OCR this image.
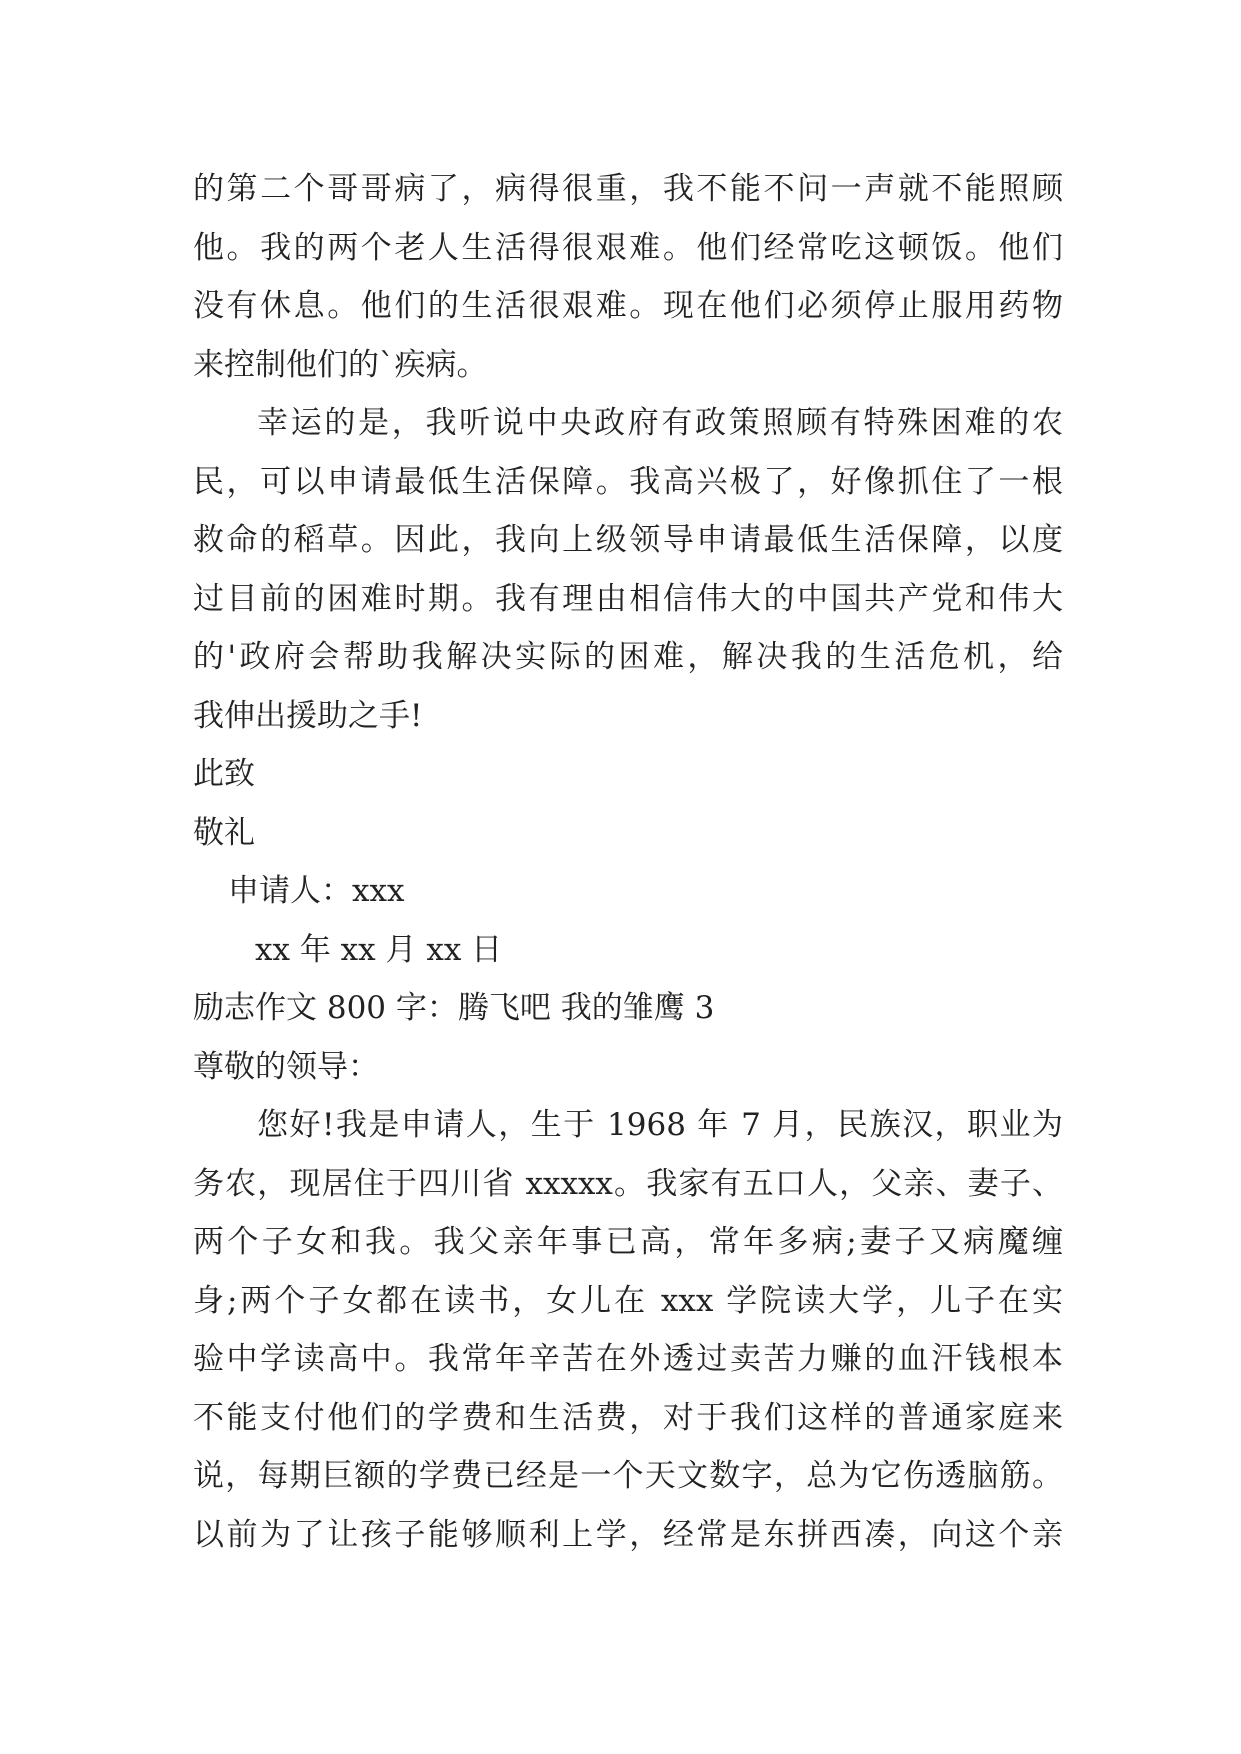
的第二个哥哥病了，病得很重，我不能不问一声就不能照顾
他。我的两个老人生活得很艰难。他们经常吃这顿饭。他们
没有休息。他们的生活很艰难。现在他们必须停止服用药物
来控制他们的`疾病。
幸运的是，我听说中央政府有政策照顾有特殊困难的农
民，可以申请最低生活保障。我高兴极了，好像抓住了一根
救命的稻草。因此，我向上级领导申请最低生活保障，以度
过目前的困难时期。我有理由相信伟大的中国共产党和伟大
的'政府会帮助我解决实际的困难，解决我的生活危机，给
我伸出援助之手!
此致
敬礼
申请人：xxx
xx 年 xx 月 xx 日
励志作文 800 字：腾飞吧 我的雏鹰 3
尊敬的领导：
您好!我是申请人，生于 1968 年 7 月，民族汉，职业为
务农，现居住于四川省 xxxxx。我家有五口人，父亲、妻子、
两个子女和我。我父亲年事已高，常年多病;妻子又病魔缠
身;两个子女都在读书，女儿在 xxx 学院读大学，儿子在实
验中学读高中。我常年辛苦在外透过卖苦力赚的血汗钱根本
不能支付他们的学费和生活费，对于我们这样的普通家庭来
说，每期巨额的学费已经是一个天文数字，总为它伤透脑筋。
以前为了让孩子能够顺利上学，经常是东拼西凑，向这个亲
